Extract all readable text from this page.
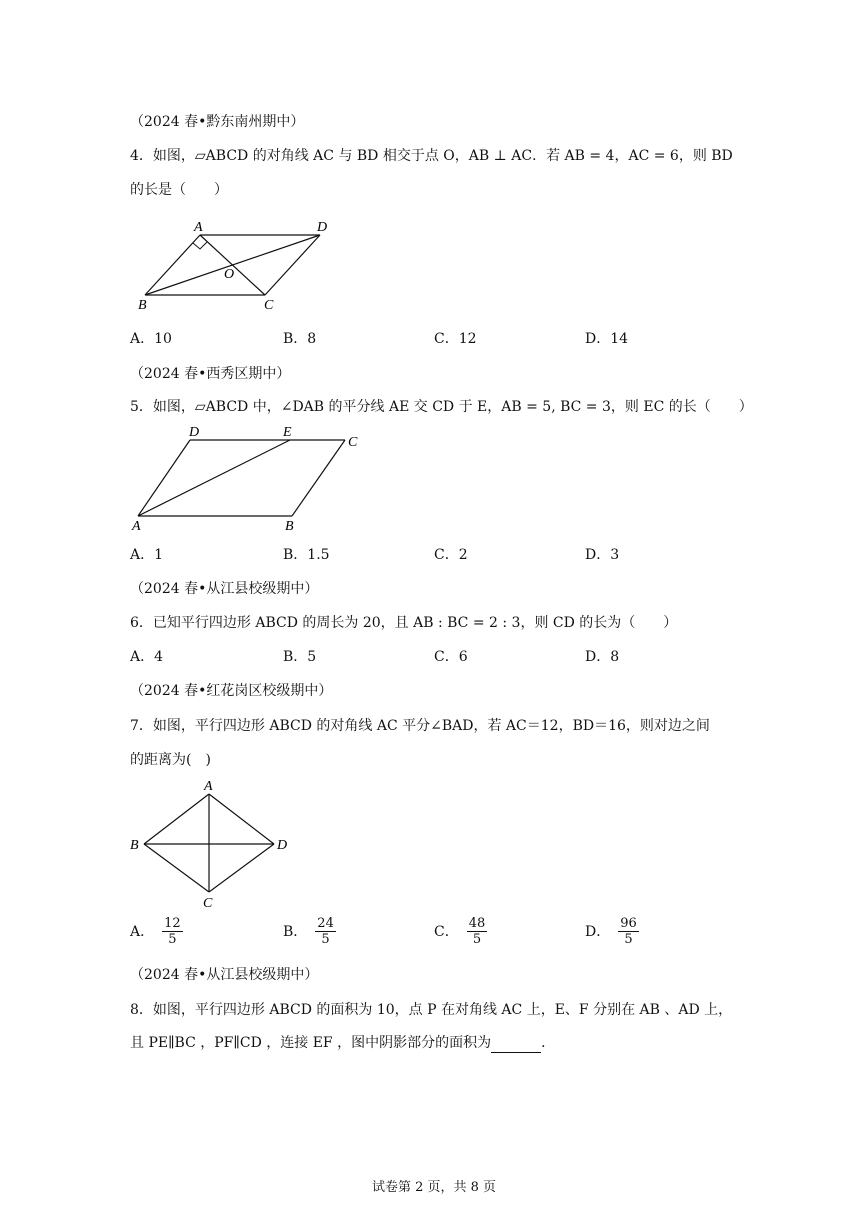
（2024 春•黔东南州期中）
4．如图，▱ABCD 的对角线 AC 与 BD 相交于点 O，AB ⊥ AC．若 AB = 4，AC = 6，则 BD
的长是（　　）
A	D
B	C
O
A．10	B．8	C．12	D．14
（2024 春•西秀区期中）
5．如图，▱ABCD 中，∠DAB 的平分线 AE 交 CD 于 E，AB = 5, BC = 3，则 EC 的长（　　）
D	E
C
A	B
A．1	B．1.5	C．2	D．3
（2024 春•从江县校级期中）
6．已知平行四边形 ABCD 的周长为 20，且 AB : BC = 2 : 3，则 CD 的长为（　　）
A．4	B．5	C．6	D．8
（2024 春•红花岗区校级期中）
7．如图，平行四边形 ABCD 的对角线 AC 平分∠BAD，若 AC＝12，BD＝16，则对边之间
的距离为(　)
A
B	D
C
A． $\frac{12}{5}$	B． $\frac{24}{5}$	C． $\frac{48}{5}$	D． $\frac{96}{5}$
（2024 春•从江县校级期中）
8．如图，平行四边形 ABCD 的面积为 10，点 P 在对角线 AC 上，E、F 分别在 AB 、AD 上，
且 PE∥BC ，PF∥CD ，连接 EF ，图中阴影部分的面积为	．
试卷第 2 页，共 8 页
